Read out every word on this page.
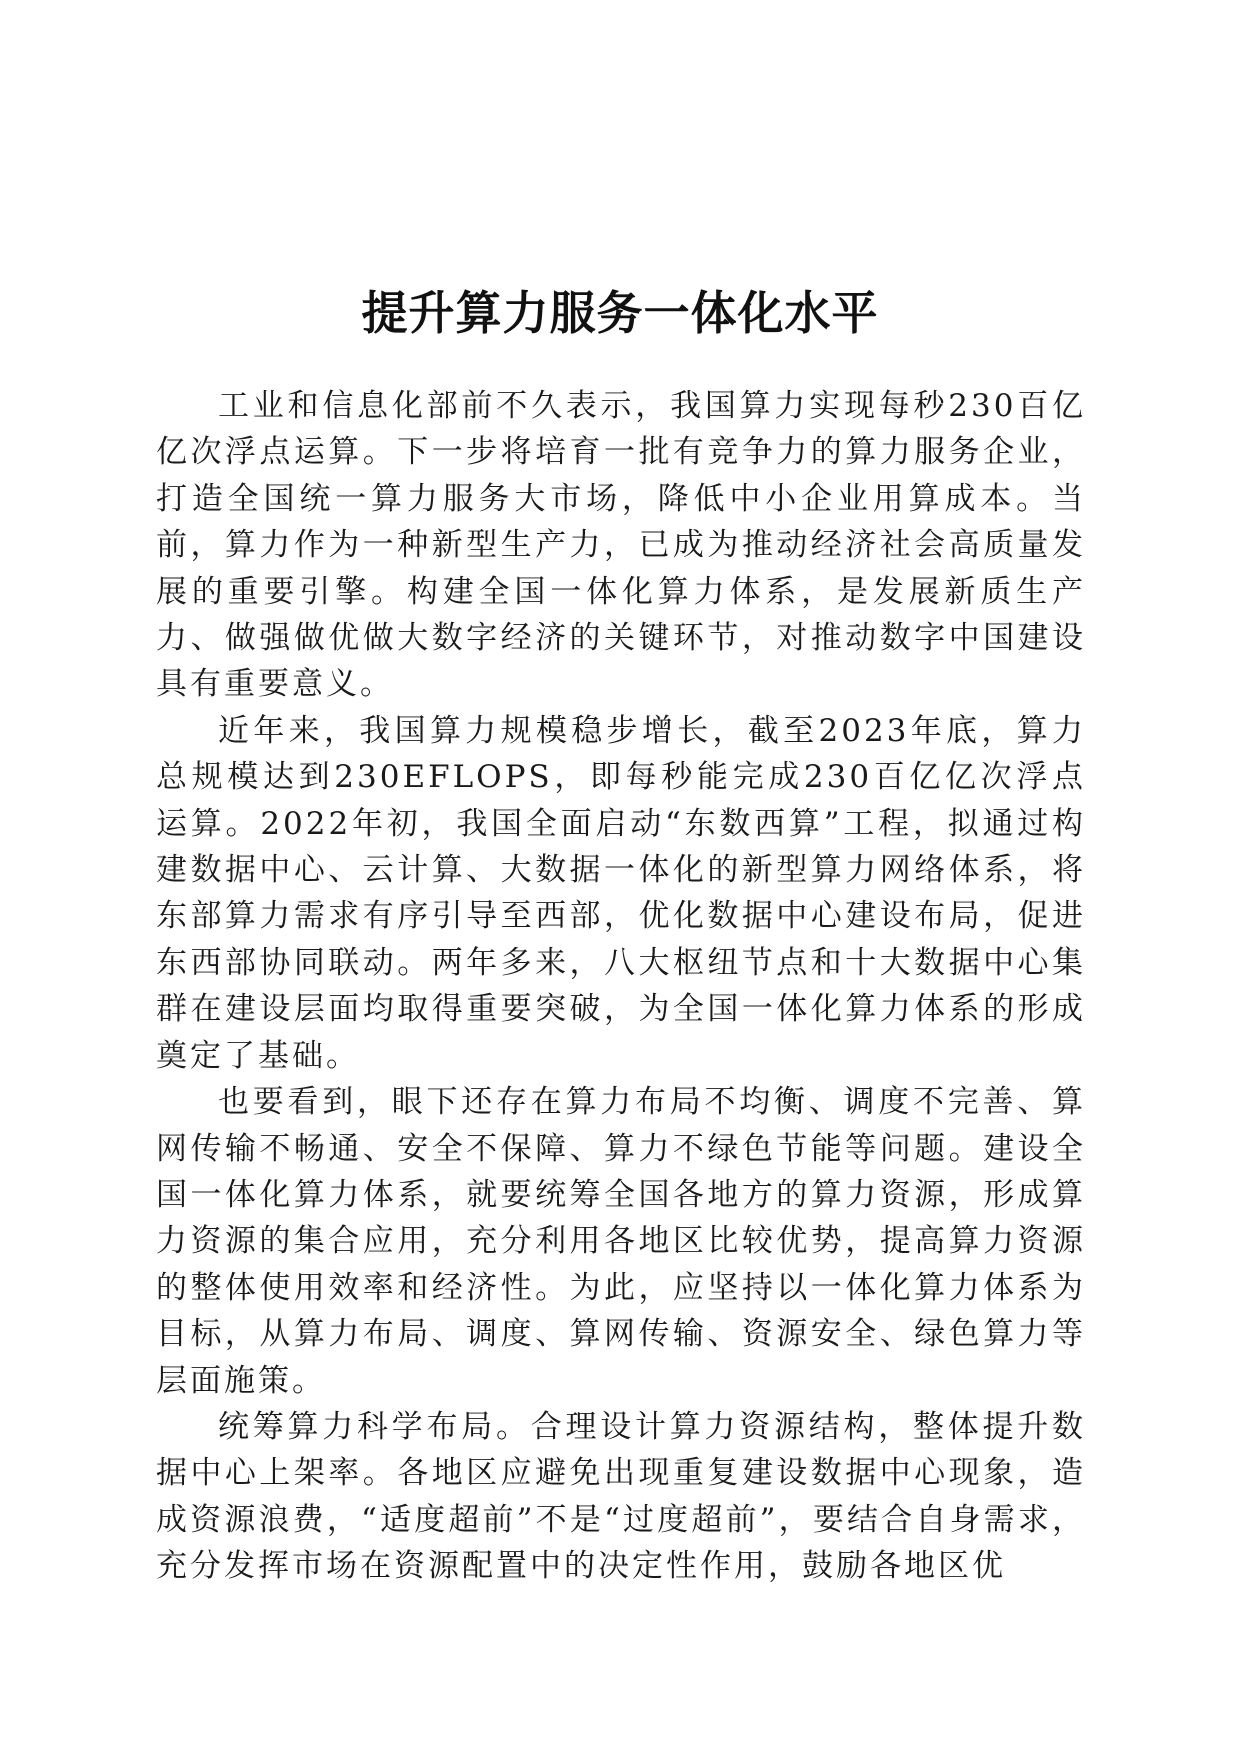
提升算力服务一体化水平

工业和信息化部前不久表示，我国算力实现每秒230百亿亿次浮点运算。下一步将培育一批有竞争力的算力服务企业，打造全国统一算力服务大市场，降低中小企业用算成本。当前，算力作为一种新型生产力，已成为推动经济社会高质量发展的重要引擎。构建全国一体化算力体系，是发展新质生产力、做强做优做大数字经济的关键环节，对推动数字中国建设具有重要意义。

近年来，我国算力规模稳步增长，截至2023年底，算力总规模达到230EFLOPS，即每秒能完成230百亿亿次浮点运算。2022年初，我国全面启动“东数西算”工程，拟通过构建数据中心、云计算、大数据一体化的新型算力网络体系，将东部算力需求有序引导至西部，优化数据中心建设布局，促进东西部协同联动。两年多来，八大枢纽节点和十大数据中心集群在建设层面均取得重要突破，为全国一体化算力体系的形成奠定了基础。

也要看到，眼下还存在算力布局不均衡、调度不完善、算网传输不畅通、安全不保障、算力不绿色节能等问题。建设全国一体化算力体系，就要统筹全国各地方的算力资源，形成算力资源的集合应用，充分利用各地区比较优势，提高算力资源的整体使用效率和经济性。为此，应坚持以一体化算力体系为目标，从算力布局、调度、算网传输、资源安全、绿色算力等层面施策。

统筹算力科学布局。合理设计算力资源结构，整体提升数据中心上架率。各地区应避免出现重复建设数据中心现象，造成资源浪费，“适度超前”不是“过度超前”，要结合自身需求，充分发挥市场在资源配置中的决定性作用，鼓励各地区优
